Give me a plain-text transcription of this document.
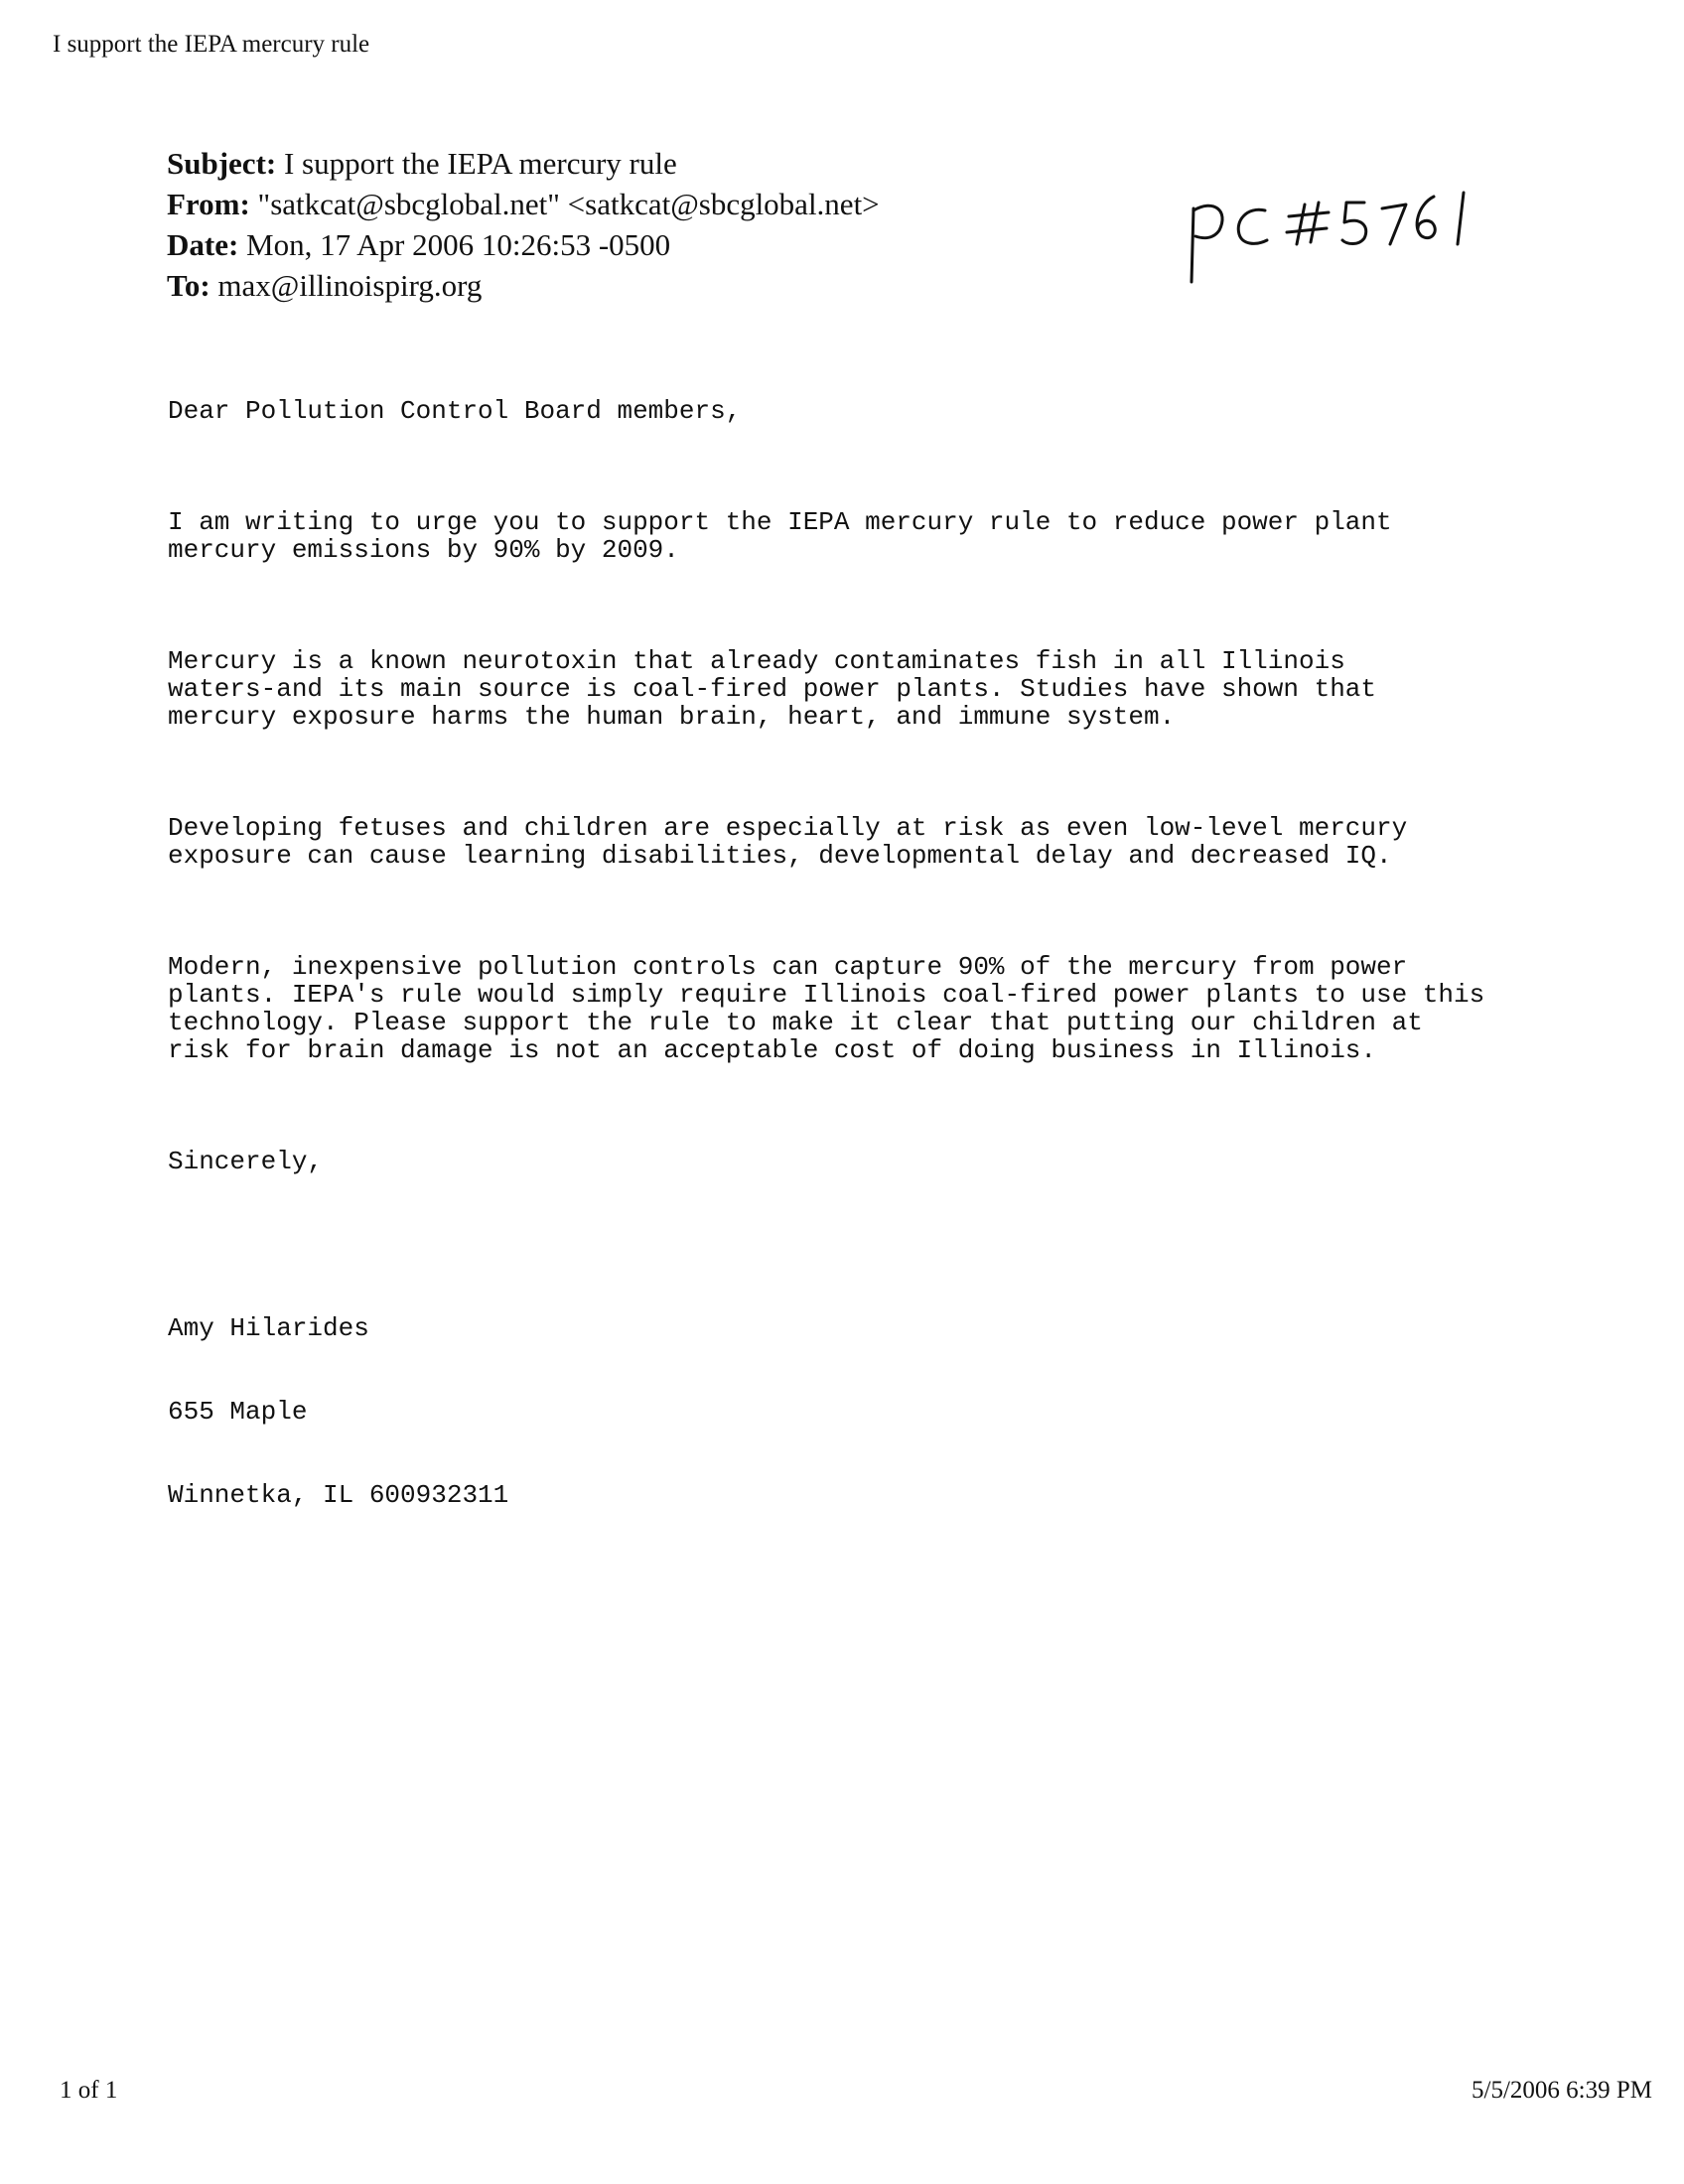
I support the IEPA mercury rule
Subject: I support the IEPA mercury rule
From: "satkcat@sbcglobal.net" <satkcat@sbcglobal.net>
Date: Mon, 17 Apr 2006 10:26:53 -0500
To: max@illinoispirg.org

Dear Pollution Control Board members,

I am writing to urge you to support the IEPA mercury rule to reduce power plant
mercury emissions by 90% by 2009.

Mercury is a known neurotoxin that already contaminates fish in all Illinois
waters-and its main source is coal-fired power plants. Studies have shown that
mercury exposure harms the human brain, heart, and immune system.

Developing fetuses and children are especially at risk as even low-level mercury
exposure can cause learning disabilities, developmental delay and decreased IQ.

Modern, inexpensive pollution controls can capture 90% of the mercury from power
plants. IEPA's rule would simply require Illinois coal-fired power plants to use this
technology. Please support the rule to make it clear that putting our children at
risk for brain damage is not an acceptable cost of doing business in Illinois.

Sincerely,

Amy Hilarides

655 Maple

Winnetka, IL 600932311

1 of 1	5/5/2006 6:39 PM
